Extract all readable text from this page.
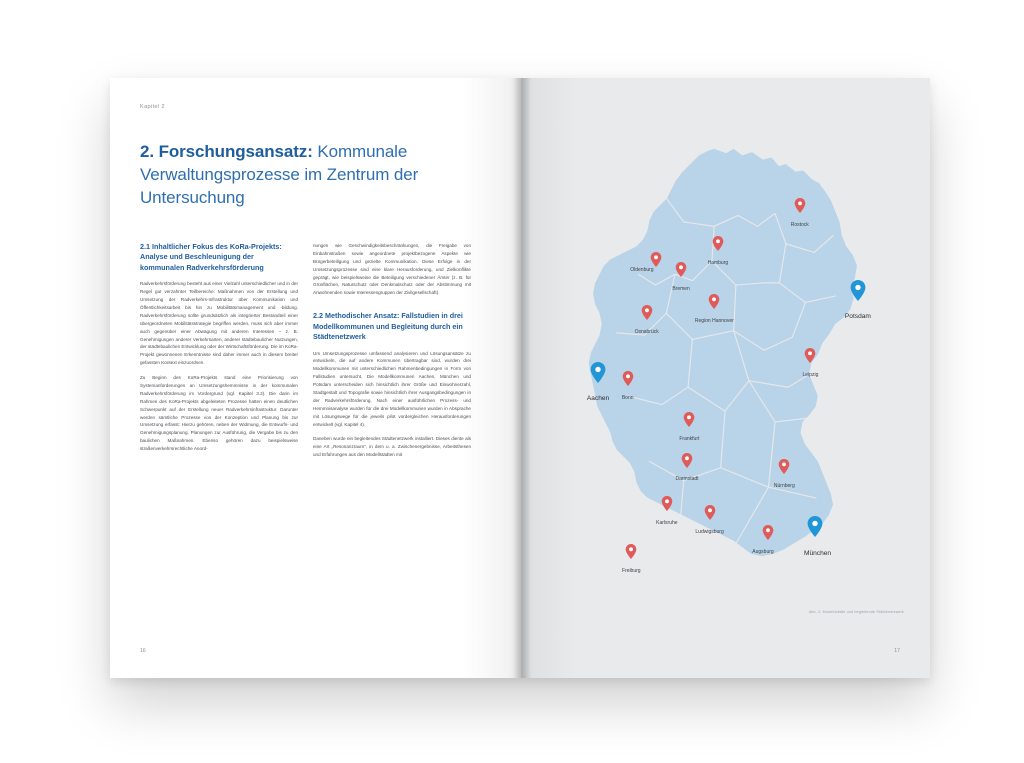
Kapitel 2
2. Forschungsansatz: Kommunale Verwaltungsprozesse im Zentrum der Untersuchung

2.1 Inhaltlicher Fokus des KoRa-Projekts: Analyse und Beschleunigung der kommunalen Radverkehrsförderung

Radverkehrsförderung besteht aus einer Vielzahl unterschiedlicher und in der Regel gut verzahnter Teilbereiche: Maßnahmen von der Erstellung und Umsetzung der Radverkehrs-Infrastruktur über Kommunikation und Öffentlichkeitsarbeit bis hin zu Mobilitätsmanagement und -bildung. Radverkehrsförderung sollte grundsätzlich als integrierter Bestandteil einer übergeordneten Mobilitätsstrategie begriffen werden, muss sich aber immer auch gegenüber einer Abwägung mit anderen Interessen – z. B. Genehmigungen anderer Verkehrsarten, anderer städtebaulicher Nutzungen, der städtebaulichen Entwicklung oder der Wirtschaftsförderung. Die im KoRa-Projekt gewonnenen Erkenntnisse sind daher immer auch in diesem breiter gefassten Kontext einzuordnen.

Zu Beginn des KoRa-Projekts stand eine Priorisierung von Systemanforderungen an Umsetzungshemmnisse in der kommunalen Radverkehrsförderung im Vordergrund (vgl. Kapitel 3.2). Die darin im Rahmen des KoRa-Projekts abgeleiteten Prozesse hatten einen deutlichen Schwerpunkt auf der Erstellung neuer Radverkehrsinfrastruktur. Darunter werden sämtliche Prozesse von der Konzeption und Planung bis zur Umsetzung erfasst: Hierzu gehören, neben der Widmung, die Entwurfs- und Genehmigungsplanung, Planungen zur Ausführung, die Vergabe bis zu den baulichen Maßnahmen. Ebenso gehören dazu beispielsweise straßenverkehrsrechtliche Anord-

nungen wie Geschwindigkeitsbeschränkungen, die Freigabe von Einbahnstraßen sowie angeordnete projektbezogene Aspekte wie Bürgerbeteiligung und gezielte Kommunikation. Diese Erfolge in der Umsetzungsprozesse sind eine klare Herausforderung, und Zielkonflikte geprägt, wie beispielsweise die Beteiligung verschiedener Ämter (z. B. für Grünflächen, Naturschutz oder Denkmalschutz oder der Abstimmung mit Anwohnenden sowie Interessengruppen der Zivilgesellschaft).

2.2 Methodischer Ansatz: Fallstudien in drei Modellkommunen und Begleitung durch ein Städtenetzwerk

Um Umsetzungsprozesse umfassend analysieren und Lösungsansätze zu entwickeln, die auf andere Kommunen übertragbar sind, wurden drei Modellkommunen mit unterschiedlichen Rahmenbedingungen in Form von Fallstudien untersucht. Die Modellkommunen Aachen, München und Potsdam unterscheiden sich hinsichtlich ihrer Größe und Einwohnerzahl, Stadtgestalt und Topografie sowie hinsichtlich ihrer Ausgangsbedingungen in der Radverkehrsförderung. Nach einer ausführlichen Prozess- und Hemmnisanalyse wurden für die drei Modellkommunen wurden in Absprache mit Lösungswege für die jeweils pilot vordergleichen Herausforderungen entwickelt (vgl. Kapitel 4).

Daneben wurde ein begleitendes Städtenetzwerk installiert. Dieses diente als eine Art „Resonanzraum", in dem u. a. Zwischenergebnisse, Arbeitsthesen und Erfahrungen aus den Modellstädten mit

16
Rostock
Hamburg
Oldenburg
Bremen
Potsdam
Region Hannover
Osnabrück
Leipzig
Aachen	Bonn
Frankfurt
Darmstadt
Nürnberg
Karlsruhe
Ludwigsburg
Augsburg	München
Freiburg
Abb. 2: Modellstädte und begleitende Städtenetzwerk
17
